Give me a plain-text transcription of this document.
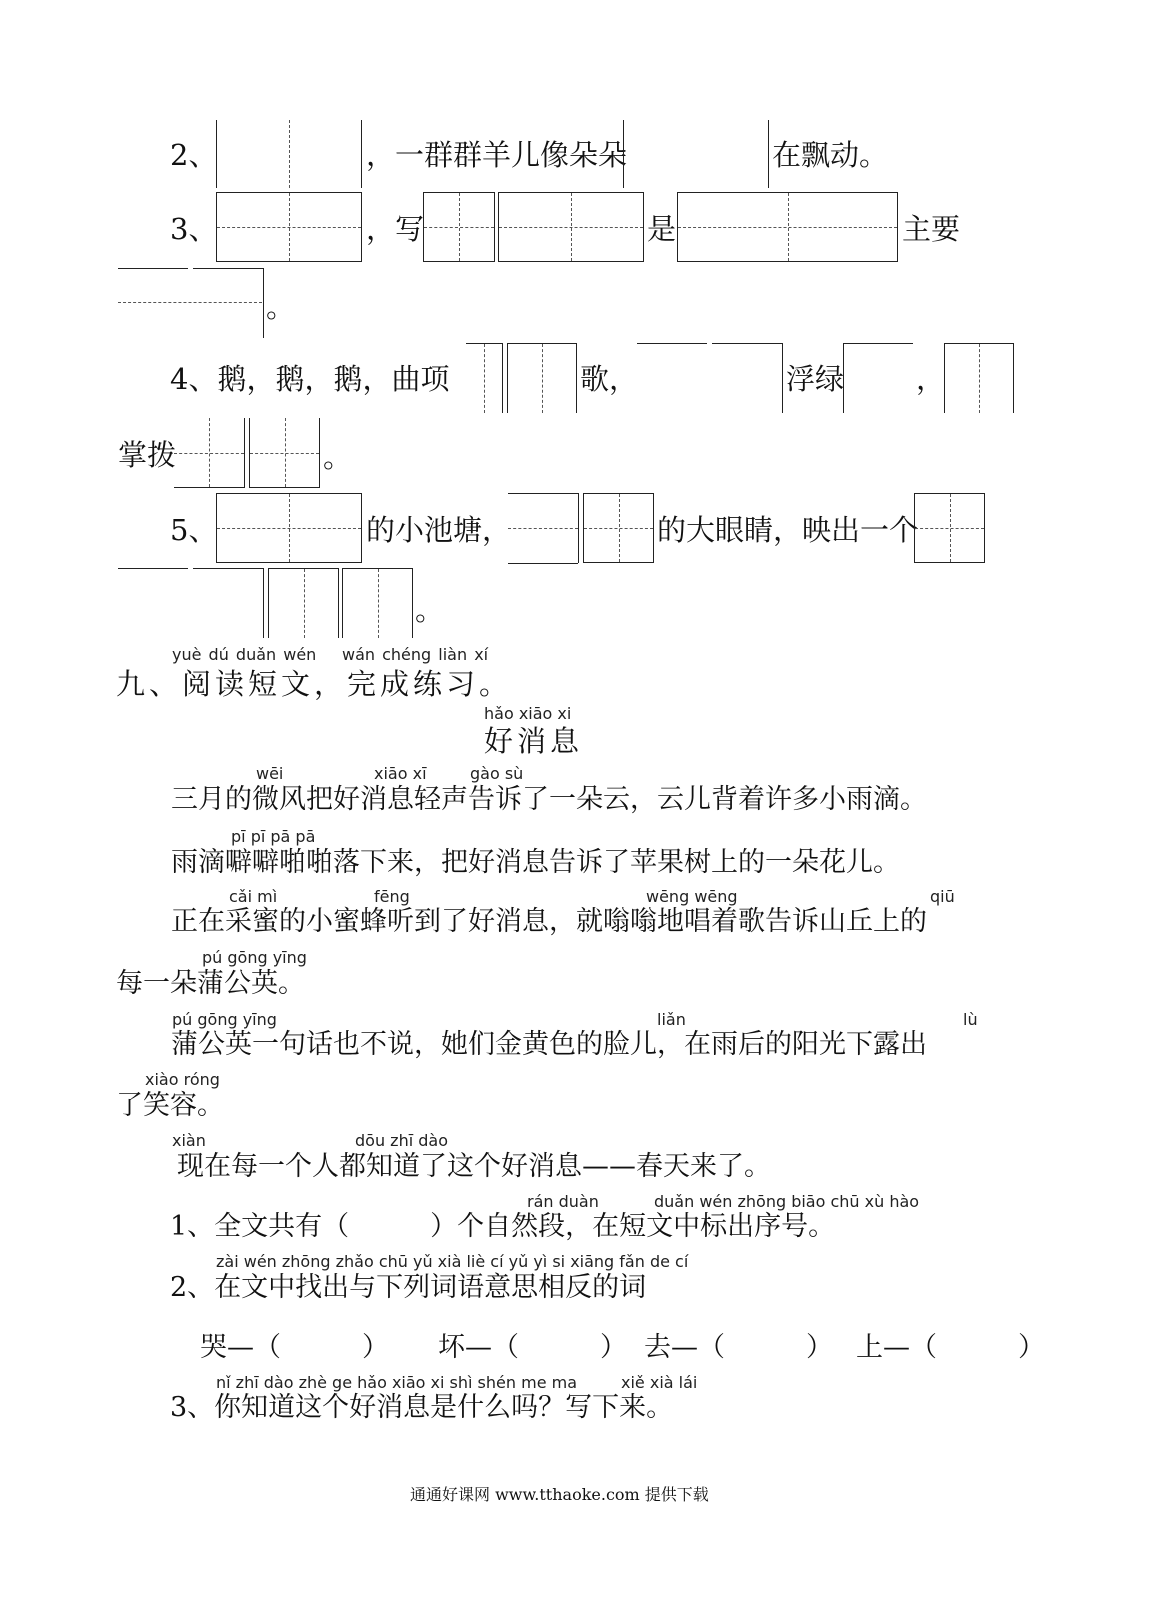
2、	，一群群羊儿像朵朵	在飘动。
3、	，写	是	主要
。
4、鹅，鹅，鹅，曲项	歌，	浮绿 ，
掌拨	。
5、	的小池塘，	的大眼睛，映出一个
。
yuè dú duǎn wén wán chéng liàn xí
九、阅读短文，完成练习。
hǎo xiāo xi
好消息
wēi	xiāo xī	gào sù
三月的微风把好消息轻声告诉了一朵云，云儿背着许多小雨滴。
pī pī pā pā
雨滴噼噼啪啪落下来，把好消息告诉了苹果树上的一朵花儿。
cǎi mì	fēng	wēng wēng	qiū
正在采蜜的小蜜蜂听到了好消息，就嗡嗡地唱着歌告诉山丘上的
pú gōng yīng
每一朵蒲公英。
pú gōng yīng	liǎn	lù
蒲公英一句话也不说，她们金黄色的脸儿，在雨后的阳光下露出
xiào róng
了笑容。
xiàn	dōu zhī dào
现在每一个人都知道了这个好消息——春天来了。
rán duàn	duǎn wén zhōng biāo chū xù hào
1、全文共有（　　　）个自然段，在短文中标出序号。
zài wén zhōng zhǎo chū yǔ xià liè cí yǔ yì si xiāng fǎn de cí
2、在文中找出与下列词语意思相反的词
哭—（　　　） 坏—（　　　） 去—（　　　） 上—（　　　）
nǐ zhī dào zhè ge hǎo xiāo xi shì shén me ma	xiě xià lái
3、你知道这个好消息是什么吗？写下来。
通通好课网 www.tthaoke.com 提供下载
